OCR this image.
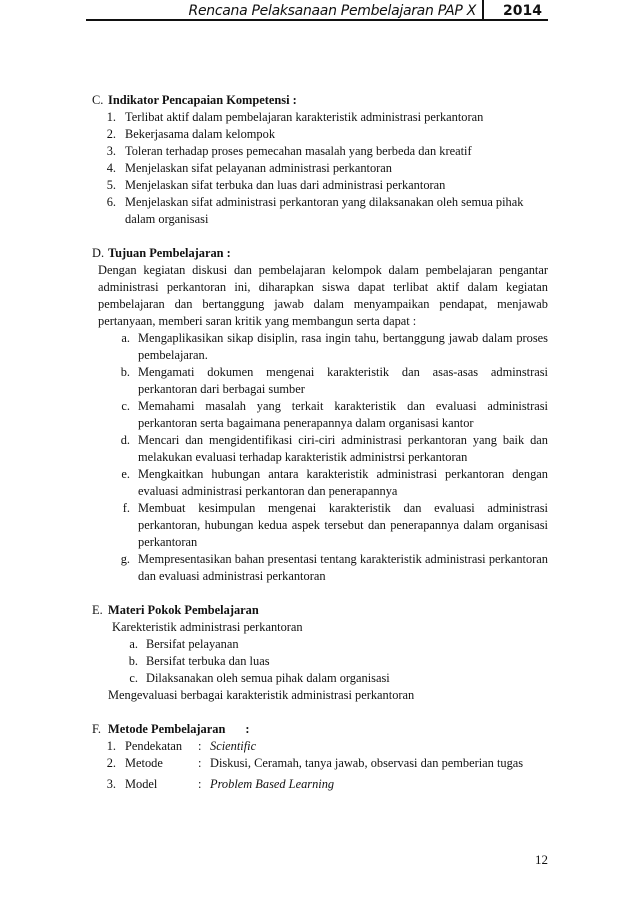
Rencana Pelaksanaan Pembelajaran PAP X 2014
C. Indikator Pencapaian Kompetensi :
1. Terlibat aktif dalam pembelajaran karakteristik administrasi perkantoran
2. Bekerjasama dalam kelompok
3. Toleran terhadap proses pemecahan masalah yang berbeda dan kreatif
4. Menjelaskan sifat pelayanan administrasi perkantoran
5. Menjelaskan sifat terbuka dan luas dari administrasi perkantoran
6. Menjelaskan sifat administrasi perkantoran yang dilaksanakan oleh semua pihak dalam organisasi
D. Tujuan Pembelajaran :
Dengan kegiatan diskusi dan pembelajaran kelompok dalam pembelajaran pengantar administrasi perkantoran ini, diharapkan siswa dapat terlibat aktif dalam kegiatan pembelajaran dan bertanggung jawab dalam menyampaikan pendapat, menjawab pertanyaan, memberi saran kritik yang membangun serta dapat :
a. Mengaplikasikan sikap disiplin, rasa ingin tahu, bertanggung jawab dalam proses pembelajaran.
b. Mengamati dokumen mengenai karakteristik dan asas-asas adminstrasi perkantoran dari berbagai sumber
c. Memahami masalah yang terkait karakteristik dan evaluasi administrasi perkantoran serta bagaimana penerapannya dalam organisasi kantor
d. Mencari dan mengidentifikasi ciri-ciri administrasi perkantoran yang baik dan melakukan evaluasi terhadap karakteristik administrsi perkantoran
e. Mengkaitkan hubungan antara karakteristik administrasi perkantoran dengan evaluasi administrasi perkantoran dan penerapannya
f. Membuat kesimpulan mengenai karakteristik dan evaluasi administrasi perkantoran, hubungan kedua aspek tersebut dan penerapannya dalam organisasi perkantoran
g. Mempresentasikan bahan presentasi tentang karakteristik administrasi perkantoran dan evaluasi administrasi perkantoran
E. Materi Pokok Pembelajaran
Karekteristik administrasi perkantoran
a. Bersifat pelayanan
b. Bersifat terbuka dan luas
c. Dilaksanakan oleh semua pihak dalam organisasi
Mengevaluasi berbagai karakteristik administrasi perkantoran
F. Metode Pembelajaran :
1. Pendekatan	: Scientific
2. Metode	: Diskusi, Ceramah, tanya jawab, observasi dan pemberian tugas
3. Model	: Problem Based Learning
12
